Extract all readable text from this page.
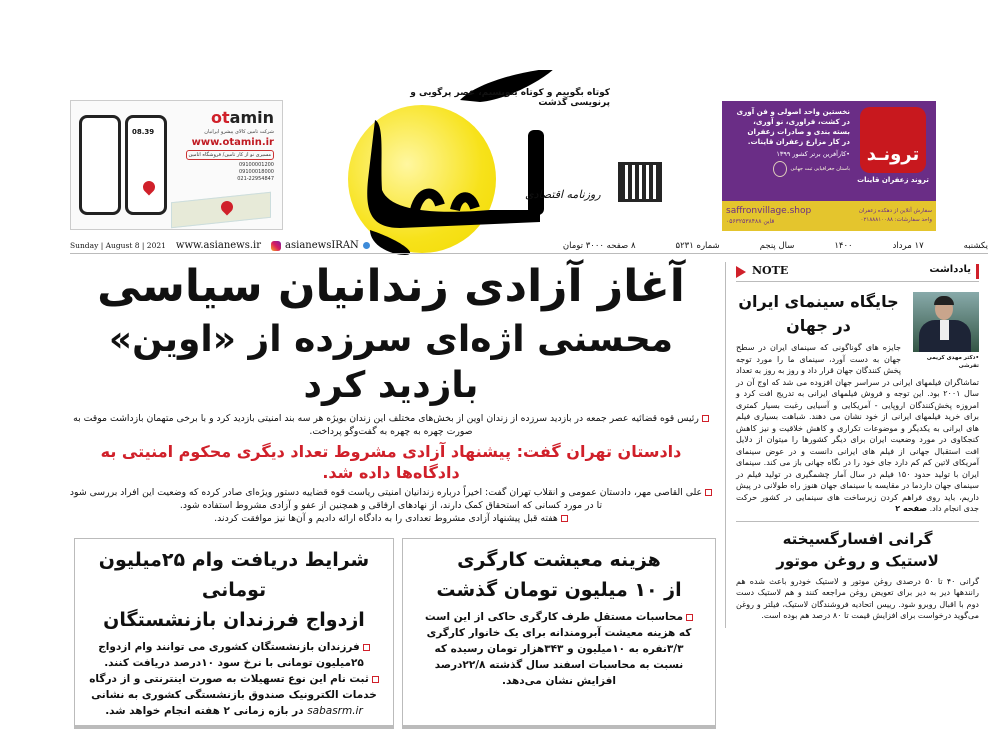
08.39
otamin
شرکت تامین کالای پیشرو ایرانیان
www.otamin.ir
مسیری نو از کار تامین/ فروشگاه اتامین
09100001200
09100018000
021-22954847
ترونـد
تروند زعفران قاینات
نخستین واحد اصولی و فن آوری
در کشت، فراوری، نو آوری،
بسته بندی و صادرات زعفران
در کار مزارع زعفران قاینات.
•کارآفرین برتر کشور ۱۳۹۹
باستان جغرافیایی ثبت جهانی
سفارش آنلاین از دهکده زعفران
واحد سفارشات: ۰۲۱۸۸۸۱۰۰۸۸
saffronvillage.shop
قاین ۰۵۶۳۲۵۳۸۴۸۸
کوتاه بگوییم و کوتاه بنویسیم، عصر پرگویی و پرنویسی گذشت
روزنامه اقتصادی
Sunday | August 8 | 2021 www.asianews.ir asianewsIRAN	یکشنبه
۱۷ مرداد
۱۴۰۰
سال پنجم
شماره ۵۲۳۱
۸ صفحه ۳۰۰۰ تومان
آغاز آزادی زندانیان سیاسی
محسنی اژه‌ای سرزده از «اوین» بازدید کرد
رئیس قوه قضائیه عصر جمعه در بازدید سرزده از زندان اوین از بخش‌های مختلف این زندان بویژه هر سه بند امنیتی بازدید کرد و با برخی متهمان بازداشت موقت به صورت چهره به چهره به گفت‌وگو پرداخت.
دادستان تهران گفت: پیشنهاد آزادی مشروط تعداد دیگری محکوم امنیتی به دادگاه‌ها داده شد.
علی القاصی مهر، دادستان عمومی و انقلاب تهران گفت: اخیراً درباره زندانیان امنیتی ریاست قوه قضاییه دستور ویژه‌ای صادر کرده که وضعیت این افراد بررسی شود تا در مورد کسانی که استحقاق کمک دارند، از نهادهای ارفاقی و همچنین از عفو و آزادی مشروط استفاده شود.
هفته قبل پیشنهاد آزادی مشروط تعدادی را به دادگاه ارائه دادیم و آن‌ها نیز موافقت کردند.
هزینه معیشت کارگری
از ۱۰ میلیون تومان گذشت
محاسبات مستقل طرف کارگری حاکی از این است که هزینه معیشت آبرومندانه برای یک خانوار کارگری ۳/۳نفره به ۱۰میلیون و ۳۴۳هزار تومان رسیده که نسبت به محاسبات اسفند سال گذشته ۲۲/۸درصد افزایش نشان می‌دهد.
شرایط دریافت وام ۲۵میلیون تومانی
ازدواج فرزندان بازنشستگان
فرزندان بازنشستگان کشوری می توانند وام ازدواج ۲۵میلیون تومانی با نرخ سود ۱۰درصد دریافت کنند.
ثبت نام این نوع تسهیلات به صورت اینترنتی و از درگاه خدمات الکترونیک صندوق بازنشستگی کشوری به نشانی sabasrm.ir در بازه زمانی ۲ هفته انجام خواهد شد.
NOTE	یادداشت
•دکتر مهدی کریمی تفرشی
جایگاه سینمای ایران
در جهان
جایزه های گوناگونی که سینمای ایران در سطح جهان به دست آورد، سینمای ما را مورد توجه پخش کنندگان جهان قرار داد و روز به روز به تعداد تماشاگران فیلمهای ایرانی در سراسر جهان افزوده می شد که اوج آن در سال ۲۰۰۱ بود. این توجه و فروش فیلمهای ایرانی به تدریج افت کرد و امروزه پخش‌کنندگان اروپایی - آمریکایی و آسیایی رغبت بسیار کمتری برای خرید فیلمهای ایرانی از خود نشان می دهند. شباهت بسیاری فیلم های ایرانی به یکدیگر و موضوعات تکراری و کاهش خلاقیت و نیز کاهش کنجکاوی در مورد وضعیت ایران برای دیگر کشورها را میتوان از دلایل افت استقبال جهانی از فیلم های ایرانی دانست و در عوض سینمای آمریکای لاتین کم کم دارد جای خود را در نگاه جهانی باز می کند. سینمای ایران با تولید حدود ۱۵۰ فیلم در سال آمار چشمگیری در تولید فیلم در سینمای جهان داردما در مقایسه با سینمای جهان هنوز راه طولانی در پیش داریم، باید روی فراهم کردن زیرساخت های سینمایی در کشور حرکت جدی انجام داد. صفحه ۲
گرانی افسارگسیخته
لاستیک و روغن موتور
گرانی ۴۰ تا ۵۰ درصدی روغن موتور و لاستیک خودرو باعث شده هم رانندهها دیر به دیر برای تعویض روغن مراجعه کنند و هم لاستیک دست دوم با اقبال روبرو شود. رییس اتحادیه فروشندگان لاستیک، فیلتر و روغن می‌گوید درخواست برای افزایش قیمت تا ۸۰ درصد هم بوده است.
